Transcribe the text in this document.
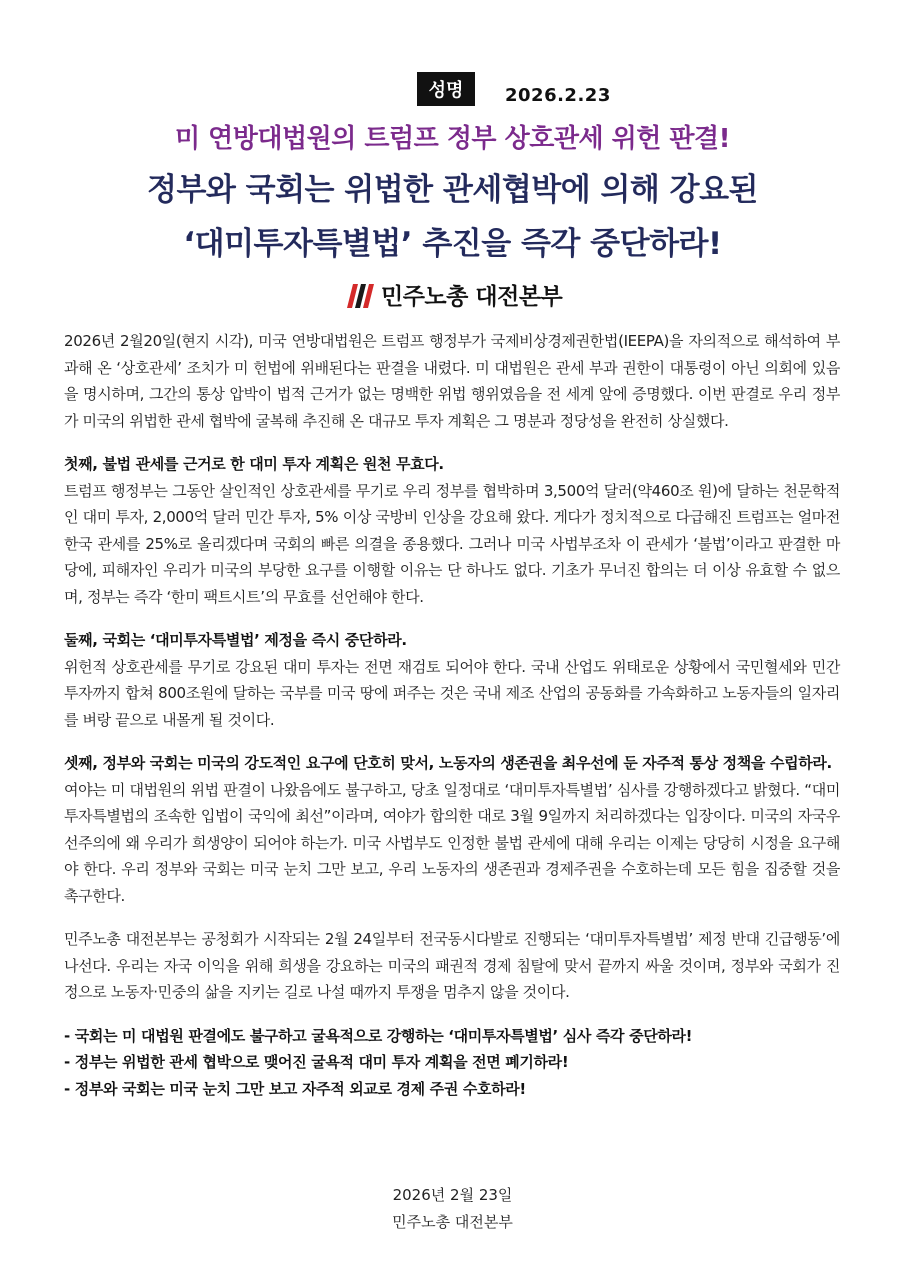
성명	2026.2.23
미 연방대법원의 트럼프 정부 상호관세 위헌 판결!
정부와 국회는 위법한 관세협박에 의해 강요된
‘대미투자특별법’ 추진을 즉각 중단하라!
민주노총 대전본부

2026년 2월20일(현지 시각), 미국 연방대법원은 트럼프 행정부가 국제비상경제권한법(IEEPA)을 자의적으로 해석하여 부과해 온 ‘상호관세’ 조치가 미 헌법에 위배된다는 판결을 내렸다. 미 대법원은 관세 부과 권한이 대통령이 아닌 의회에 있음을 명시하며, 그간의 통상 압박이 법적 근거가 없는 명백한 위법 행위였음을 전 세계 앞에 증명했다. 이번 판결로 우리 정부가 미국의 위법한 관세 협박에 굴복해 추진해 온 대규모 투자 계획은 그 명분과 정당성을 완전히 상실했다.

첫째, 불법 관세를 근거로 한 대미 투자 계획은 원천 무효다.

트럼프 행정부는 그동안 살인적인 상호관세를 무기로 우리 정부를 협박하며 3,500억 달러(약460조 원)에 달하는 천문학적인 대미 투자, 2,000억 달러 민간 투자, 5% 이상 국방비 인상을 강요해 왔다. 게다가 정치적으로 다급해진 트럼프는 얼마전 한국 관세를 25%로 올리겠다며 국회의 빠른 의결을 종용했다. 그러나 미국 사법부조차 이 관세가 ‘불법’이라고 판결한 마당에, 피해자인 우리가 미국의 부당한 요구를 이행할 이유는 단 하나도 없다. 기초가 무너진 합의는 더 이상 유효할 수 없으며, 정부는 즉각 ‘한미 팩트시트’의 무효를 선언해야 한다.

둘째, 국회는 ‘대미투자특별법’ 제정을 즉시 중단하라.

위헌적 상호관세를 무기로 강요된 대미 투자는 전면 재검토 되어야 한다. 국내 산업도 위태로운 상황에서 국민혈세와 민간투자까지 합쳐 800조원에 달하는 국부를 미국 땅에 퍼주는 것은 국내 제조 산업의 공동화를 가속화하고 노동자들의 일자리를 벼랑 끝으로 내몰게 될 것이다.

셋째, 정부와 국회는 미국의 강도적인 요구에 단호히 맞서, 노동자의 생존권을 최우선에 둔 자주적 통상 정책을 수립하라.

여야는 미 대법원의 위법 판결이 나왔음에도 불구하고, 당초 일정대로 ‘대미투자특별법’ 심사를 강행하겠다고 밝혔다. “대미투자특별법의 조속한 입법이 국익에 최선”이라며, 여야가 합의한 대로 3월 9일까지 처리하겠다는 입장이다. 미국의 자국우선주의에 왜 우리가 희생양이 되어야 하는가. 미국 사법부도 인정한 불법 관세에 대해 우리는 이제는 당당히 시정을 요구해야 한다. 우리 정부와 국회는 미국 눈치 그만 보고, 우리 노동자의 생존권과 경제주권을 수호하는데 모든 힘을 집중할 것을 촉구한다.

민주노총 대전본부는 공청회가 시작되는 2월 24일부터 전국동시다발로 진행되는 ‘대미투자특별법’ 제정 반대 긴급행동’에 나선다. 우리는 자국 이익을 위해 희생을 강요하는 미국의 패권적 경제 침탈에 맞서 끝까지 싸울 것이며, 정부와 국회가 진정으로 노동자·민중의 삶을 지키는 길로 나설 때까지 투쟁을 멈추지 않을 것이다.

- 국회는 미 대법원 판결에도 불구하고 굴욕적으로 강행하는 ‘대미투자특별법’ 심사 즉각 중단하라!

- 정부는 위법한 관세 협박으로 맺어진 굴욕적 대미 투자 계획을 전면 폐기하라!

- 정부와 국회는 미국 눈치 그만 보고 자주적 외교로 경제 주권 수호하라!

2026년 2월 23일
민주노총 대전본부
